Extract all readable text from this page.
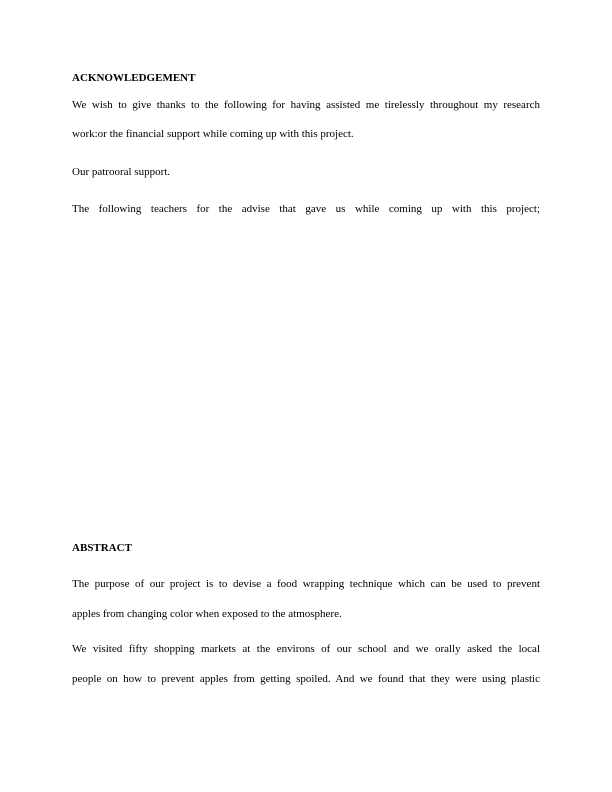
ACKNOWLEDGEMENT
We wish to give thanks to the following for having assisted me tirelessly throughout my research
work:or the financial support while coming up with this project.
Our patrooral support.
The following teachers for the advise that gave us while coming up with this project;
ABSTRACT
The purpose of our project is to devise a food wrapping technique which can be used to prevent
apples from changing color when exposed to the atmosphere.
We visited fifty shopping markets at the environs of our school and we orally asked the local
people on how to prevent apples from getting spoiled. And we found that they were using plastic
